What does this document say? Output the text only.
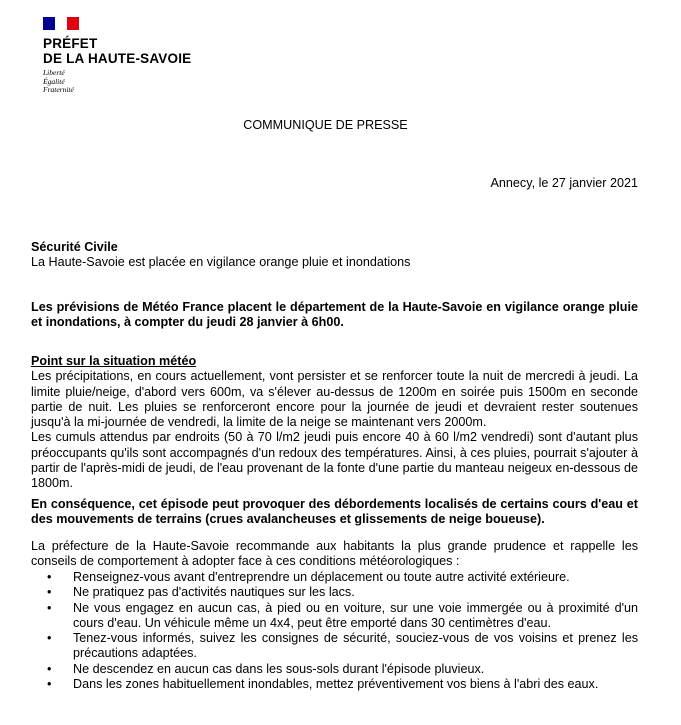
PRÉFET
DE LA HAUTE-SAVOIE
Liberté
Égalité
Fraternité
COMMUNIQUE DE PRESSE
Annecy, le 27 janvier 2021
Sécurité Civile
La Haute-Savoie est placée en vigilance orange pluie et inondations
Les prévisions de Météo France placent le département de la Haute-Savoie en vigilance orange pluie et inondations, à compter du jeudi 28 janvier à 6h00.
Point sur la situation météo
Les précipitations, en cours actuellement, vont persister et se renforcer toute la nuit de mercredi à jeudi. La limite pluie/neige, d'abord vers 600m, va s'élever au-dessus de 1200m en soirée puis 1500m en seconde partie de nuit. Les pluies se renforceront encore pour la journée de jeudi et devraient rester soutenues jusqu'à la mi-journée de vendredi, la limite de la neige se maintenant vers 2000m.
Les cumuls attendus par endroits (50 à 70 l/m2 jeudi puis encore 40 à 60 l/m2 vendredi) sont d'autant plus préoccupants qu'ils sont accompagnés d'un redoux des températures. Ainsi, à ces pluies, pourrait s'ajouter à partir de l'après-midi de jeudi, de l'eau provenant de la fonte d'une partie du manteau neigeux en-dessous de 1800m.
En conséquence, cet épisode peut provoquer des débordements localisés de certains cours d'eau et des mouvements de terrains (crues avalancheuses et glissements de neige boueuse).
La préfecture de la Haute-Savoie recommande aux habitants la plus grande prudence et rappelle les conseils de comportement à adopter face à ces conditions météorologiques :
• Renseignez-vous avant d'entreprendre un déplacement ou toute autre activité extérieure.
• Ne pratiquez pas d'activités nautiques sur les lacs.
• Ne vous engagez en aucun cas, à pied ou en voiture, sur une voie immergée ou à proximité d'un cours d'eau. Un véhicule même un 4x4, peut être emporté dans 30 centimètres d'eau.
• Tenez-vous informés, suivez les consignes de sécurité, souciez-vous de vos voisins et prenez les précautions adaptées.
• Ne descendez en aucun cas dans les sous-sols durant l'épisode pluvieux.
• Dans les zones habituellement inondables, mettez préventivement vos biens à l'abri des eaux.
